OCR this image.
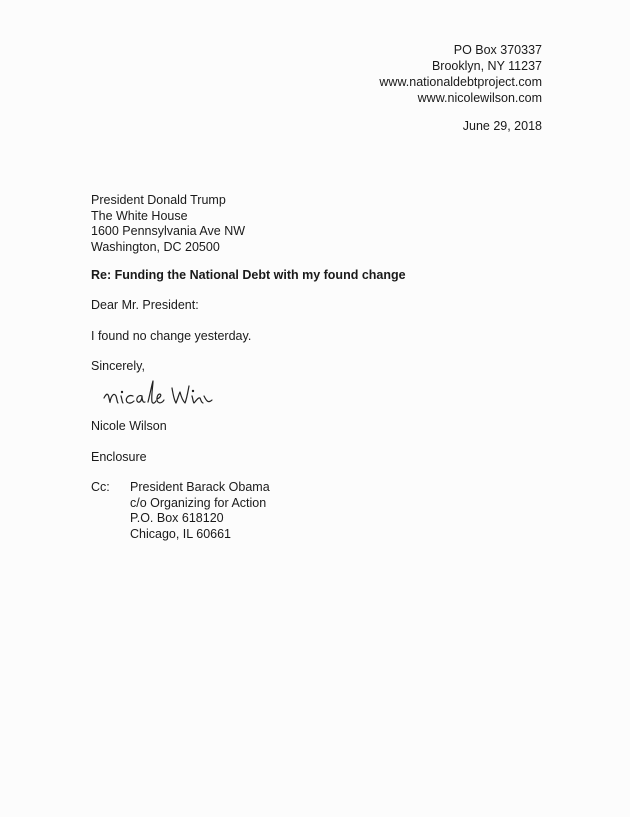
PO Box 370337
Brooklyn, NY 11237
www.nationaldebtproject.com
www.nicolewilson.com
June 29, 2018
President Donald Trump
The White House
1600 Pennsylvania Ave NW
Washington, DC 20500
Re: Funding the National Debt with my found change
Dear Mr. President:
I found no change yesterday.
Sincerely,
Nicole Wilson
Enclosure
Cc: President Barack Obama
c/o Organizing for Action
P.O. Box 618120
Chicago, IL 60661
